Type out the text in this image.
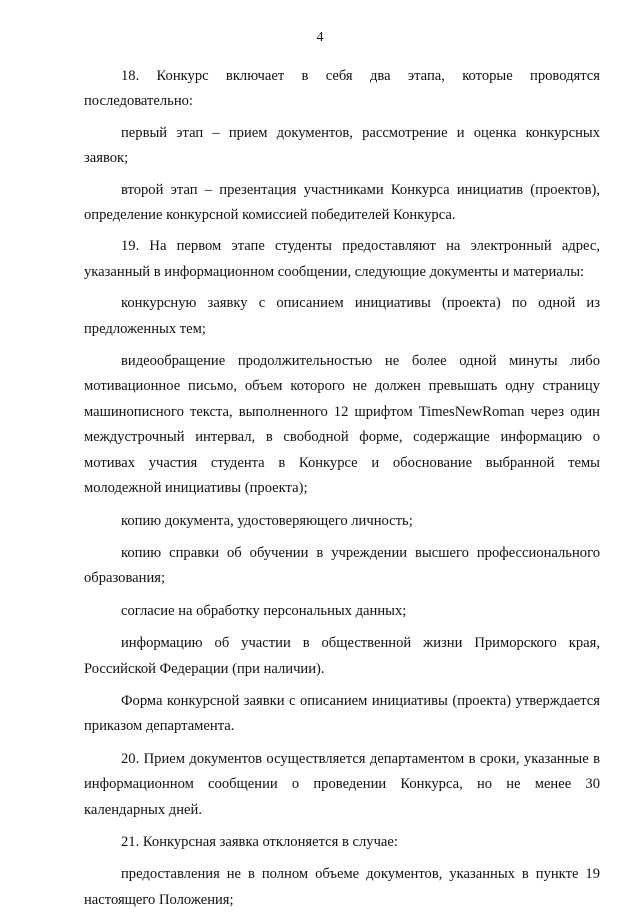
4

18. Конкурс включает в себя два этапа, которые проводятся последовательно:

первый этап – прием документов, рассмотрение и оценка конкурсных заявок;

второй этап – презентация участниками Конкурса инициатив (проектов), определение конкурсной комиссией победителей Конкурса.

19. На первом этапе студенты предоставляют на электронный адрес, указанный в информационном сообщении, следующие документы и материалы:

конкурсную заявку с описанием инициативы (проекта) по одной из предложенных тем;

видеообращение продолжительностью не более одной минуты либо мотивационное письмо, объем которого не должен превышать одну страницу машинописного текста, выполненного 12 шрифтом TimesNewRoman через один междустрочный интервал, в свободной форме, содержащие информацию о мотивах участия студента в Конкурсе и обоснование выбранной темы молодежной инициативы (проекта);

копию документа, удостоверяющего личность;

копию справки об обучении в учреждении высшего профессионального образования;

согласие на обработку персональных данных;

информацию об участии в общественной жизни Приморского края, Российской Федерации (при наличии).

Форма конкурсной заявки с описанием инициативы (проекта) утверждается приказом департамента.

20. Прием документов осуществляется департаментом в сроки, указанные в информационном сообщении о проведении Конкурса, но не менее 30 календарных дней.

21. Конкурсная заявка отклоняется в случае:

предоставления не в полном объеме документов, указанных в пункте 19 настоящего Положения;
